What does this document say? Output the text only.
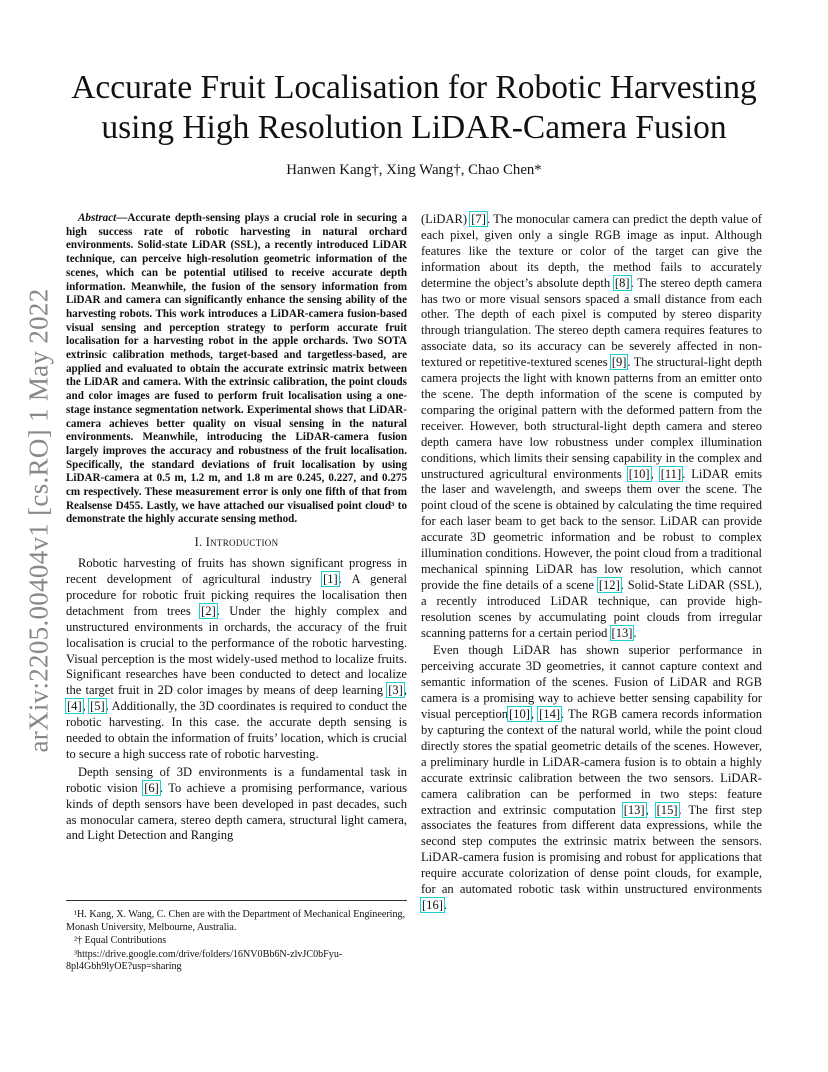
arXiv:2205.00404v1 [cs.RO] 1 May 2022
Accurate Fruit Localisation for Robotic Harvesting using High Resolution LiDAR-Camera Fusion
Hanwen Kang†, Xing Wang†, Chao Chen*

Abstract—Accurate depth-sensing plays a crucial role in securing a high success rate of robotic harvesting in natural orchard environments. Solid-state LiDAR (SSL), a recently introduced LiDAR technique, can perceive high-resolution geometric information of the scenes, which can be potential utilised to receive accurate depth information. Meanwhile, the fusion of the sensory information from LiDAR and camera can significantly enhance the sensing ability of the harvesting robots. This work introduces a LiDAR-camera fusion-based visual sensing and perception strategy to perform accurate fruit localisation for a harvesting robot in the apple orchards. Two SOTA extrinsic calibration methods, target-based and targetless-based, are applied and evaluated to obtain the accurate extrinsic matrix between the LiDAR and camera. With the extrinsic calibration, the point clouds and color images are fused to perform fruit localisation using a one-stage instance segmentation network. Experimental shows that LiDAR-camera achieves better quality on visual sensing in the natural environments. Meanwhile, introducing the LiDAR-camera fusion largely improves the accuracy and robustness of the fruit localisation. Specifically, the standard deviations of fruit localisation by using LiDAR-camera at 0.5 m, 1.2 m, and 1.8 m are 0.245, 0.227, and 0.275 cm respectively. These measurement error is only one fifth of that from Realsense D455. Lastly, we have attached our visualised point cloud³ to demonstrate the highly accurate sensing method.

I. Introduction

Robotic harvesting of fruits has shown significant progress in recent development of agricultural industry [1]. A general procedure for robotic fruit picking requires the localisation then detachment from trees [2]. Under the highly complex and unstructured environments in orchards, the accuracy of the fruit localisation is crucial to the performance of the robotic harvesting. Visual perception is the most widely-used method to localize fruits. Significant researches have been conducted to detect and localize the target fruit in 2D color images by means of deep learning [3], [4], [5]. Additionally, the 3D coordinates is required to conduct the robotic harvesting. In this case. the accurate depth sensing is needed to obtain the information of fruits’ location, which is crucial to secure a high success rate of robotic harvesting.

Depth sensing of 3D environments is a fundamental task in robotic vision [6]. To achieve a promising performance, various kinds of depth sensors have been developed in past decades, such as monocular camera, stereo depth camera, structural light camera, and Light Detection and Ranging

(LiDAR) [7]. The monocular camera can predict the depth value of each pixel, given only a single RGB image as input. Although features like the texture or color of the target can give the information about its depth, the method fails to accurately determine the object’s absolute depth [8]. The stereo depth camera has two or more visual sensors spaced a small distance from each other. The depth of each pixel is computed by stereo disparity through triangulation. The stereo depth camera requires features to associate data, so its accuracy can be severely affected in non-textured or repetitive-textured scenes [9]. The structural-light depth camera projects the light with known patterns from an emitter onto the scene. The depth information of the scene is computed by comparing the original pattern with the deformed pattern from the receiver. However, both structural-light depth camera and stereo depth camera have low robustness under complex illumination conditions, which limits their sensing capability in the complex and unstructured agricultural environments [10], [11]. LiDAR emits the laser and wavelength, and sweeps them over the scene. The point cloud of the scene is obtained by calculating the time required for each laser beam to get back to the sensor. LiDAR can provide accurate 3D geometric information and be robust to complex illumination conditions. However, the point cloud from a traditional mechanical spinning LiDAR has low resolution, which cannot provide the fine details of a scene [12]. Solid-State LiDAR (SSL), a recently introduced LiDAR technique, can provide high-resolution scenes by accumulating point clouds from irregular scanning patterns for a certain period [13].

Even though LiDAR has shown superior performance in perceiving accurate 3D geometries, it cannot capture context and semantic information of the scenes. Fusion of LiDAR and RGB camera is a promising way to achieve better sensing capability for visual perception[10], [14]. The RGB camera records information by capturing the context of the natural world, while the point cloud directly stores the spatial geometric details of the scenes. However, a preliminary hurdle in LiDAR-camera fusion is to obtain a highly accurate extrinsic calibration between the two sensors. LiDAR-camera calibration can be performed in two steps: feature extraction and extrinsic computation [13], [15]. The first step associates the features from different data expressions, while the second step computes the extrinsic matrix between the sensors. LiDAR-camera fusion is promising and robust for applications that require accurate colorization of dense point clouds, for example, for an automated robotic task within unstructured environments [16].

¹H. Kang, X. Wang, C. Chen are with the Department of Mechanical Engineering, Monash University, Melbourne, Australia.

²† Equal Contributions

³https://drive.google.com/drive/folders/16NV0Bb6N-zlvJC0bFyu-8pl4Gbh9lyOE?usp=sharing
